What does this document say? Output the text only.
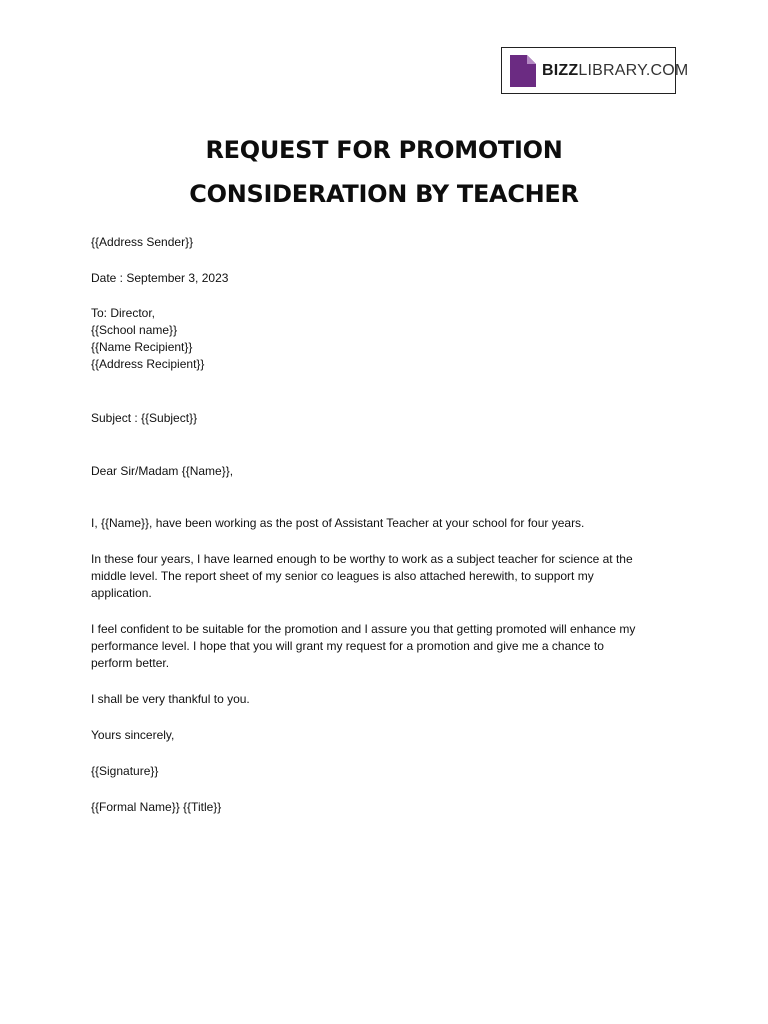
BIZZLIBRARY.COM
REQUEST FOR PROMOTION
CONSIDERATION BY TEACHER
{{Address Sender}}
Date : September 3, 2023
To: Director,
{{School name}}
{{Name Recipient}}
{{Address Recipient}}
Subject : {{Subject}}
Dear Sir/Madam {{Name}},
I, {{Name}}, have been working as the post of Assistant Teacher at your school for four years.
In these four years, I have learned enough to be worthy to work as a subject teacher for science at the
middle level. The report sheet of my senior co leagues is also attached herewith, to support my
application.
I feel confident to be suitable for the promotion and I assure you that getting promoted will enhance my
performance level. I hope that you will grant my request for a promotion and give me a chance to
perform better.
I shall be very thankful to you.
Yours sincerely,
{{Signature}}
{{Formal Name}} {{Title}}
